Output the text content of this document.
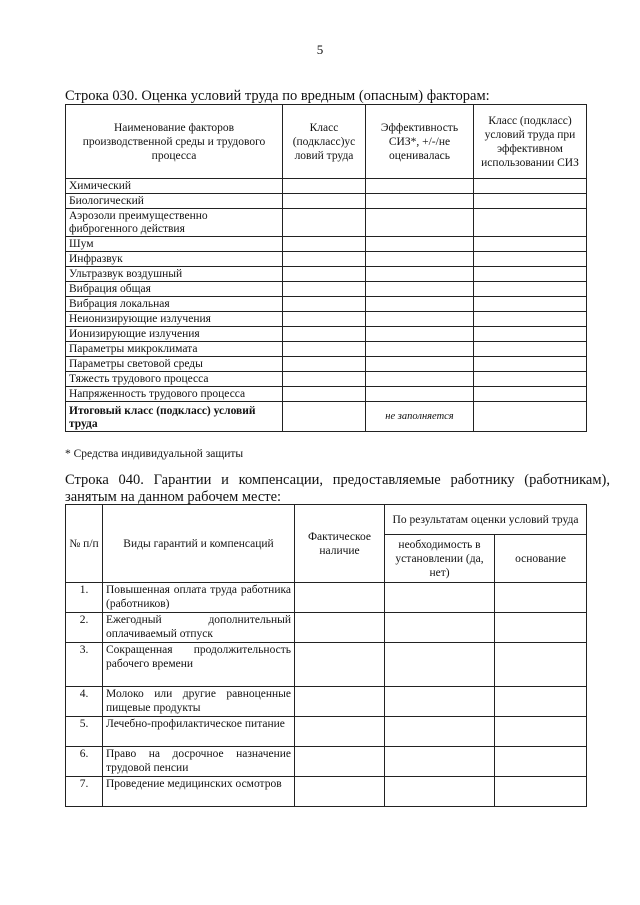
5
Строка 030. Оценка условий труда по вредным (опасным) факторам:
Наименование факторов производственной среды и трудового процесса	Класс (подкласс)ус ловий труда	Эффективность СИЗ*, +/-/не оценивалась	Класс (подкласс) условий труда при эффективном использовании СИЗ
Химический			
Биологический			
Аэрозоли преимущественно фиброгенного действия			
Шум			
Инфразвук			
Ультразвук воздушный			
Вибрация общая			
Вибрация локальная			
Неионизирующие излучения			
Ионизирующие излучения			
Параметры микроклимата			
Параметры световой среды			
Тяжесть трудового процесса			
Напряженность трудового процесса			
Итоговый класс (подкласс) условий труда		не заполняется	
* Средства индивидуальной защиты
Строка 040. Гарантии и компенсации, предоставляемые работнику (работникам), занятым на данном рабочем месте:
№ п/п	Виды гарантий и компенсаций	Фактическое наличие	По результатам оценки условий труда	
			необходимость в установлении (да, нет)	основание
1.	Повышенная оплата труда работника (работников)			
2.	Ежегодный дополнительный оплачиваемый отпуск			
3.	Сокращенная продолжительность рабочего времени			
4.	Молоко или другие равноценные пищевые продукты			
5.	Лечебно-профилактическое питание			
6.	Право на досрочное назначение трудовой пенсии			
7.	Проведение медицинских осмотров			
